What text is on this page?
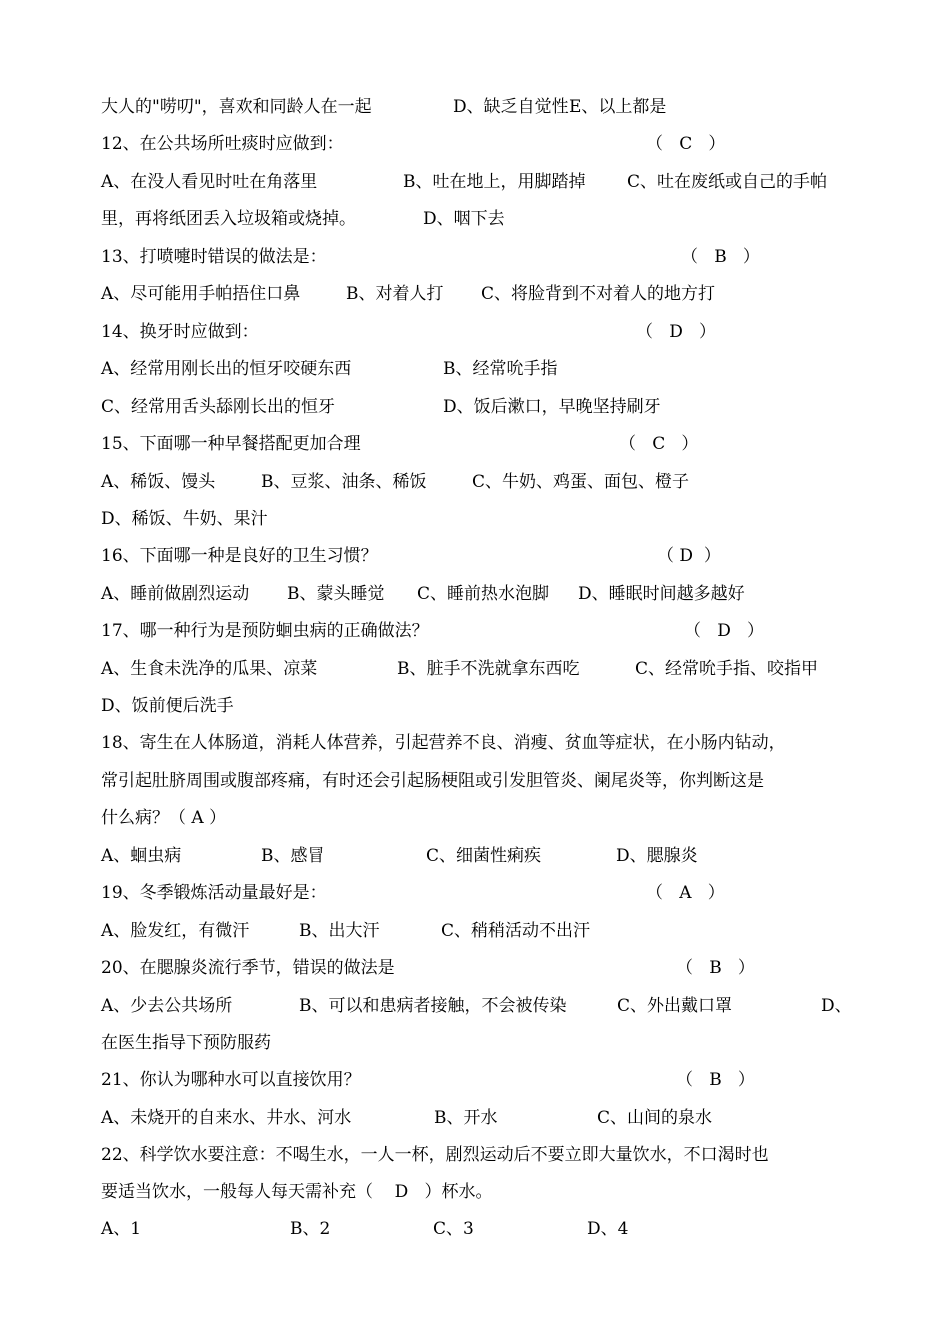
大人的"唠叨"，喜欢和同龄人在一起	D、缺乏自觉性 E、以上都是
12、在公共场所吐痰时应做到：	（   C   ）
A、在没人看见时吐在角落里	B、吐在地上，用脚踏掉 C、吐在废纸或自己的手帕
里，再将纸团丢入垃圾箱或烧掉。	D、咽下去
13、打喷嚏时错误的做法是：	（   B   ）
A、尽可能用手帕捂住口鼻	B、对着人打 C、将脸背到不对着人的地方打
14、换牙时应做到：	（   D   ）
A、经常用刚长出的恒牙咬硬东西	B、经常吮手指
C、经常用舌头舔刚长出的恒牙	D、饭后漱口，早晚坚持刷牙
15、下面哪一种早餐搭配更加合理	（   C   ）
A、稀饭、馒头	B、豆浆、油条、稀饭	C、牛奶、鸡蛋、面包、橙子
D、稀饭、牛奶、果汁
16、下面哪一种是良好的卫生习惯？	（ D  ）
A、睡前做剧烈运动 B、蒙头睡觉 C、睡前热水泡脚 D、睡眠时间越多越好
17、哪一种行为是预防蛔虫病的正确做法？	（   D   ）
A、生食未洗净的瓜果、凉菜	B、脏手不洗就拿东西吃	C、经常吮手指、咬指甲
D、饭前便后洗手
18、寄生在人体肠道，消耗人体营养，引起营养不良、消瘦、贫血等症状，在小肠内钻动，
常引起肚脐周围或腹部疼痛，有时还会引起肠梗阻或引发胆管炎、阑尾炎等，你判断这是
什么病？（ A ）
A、蛔虫病	B、感冒	C、细菌性痢疾	D、腮腺炎
19、冬季锻炼活动量最好是：	（   A   ）
A、脸发红，有微汗	B、出大汗	C、稍稍活动不出汗
20、在腮腺炎流行季节，错误的做法是	（   B   ）
A、少去公共场所	B、可以和患病者接触，不会被传染	C、外出戴口罩	D、
在医生指导下预防服药
21、你认为哪种水可以直接饮用？	（   B   ）
A、未烧开的自来水、井水、河水	B、开水	C、山间的泉水
22、科学饮水要注意：不喝生水，一人一杯，剧烈运动后不要立即大量饮水，不口渴时也
要适当饮水，一般每人每天需补充（    D   ）杯水。
A、1	B、2	C、3	D、4
